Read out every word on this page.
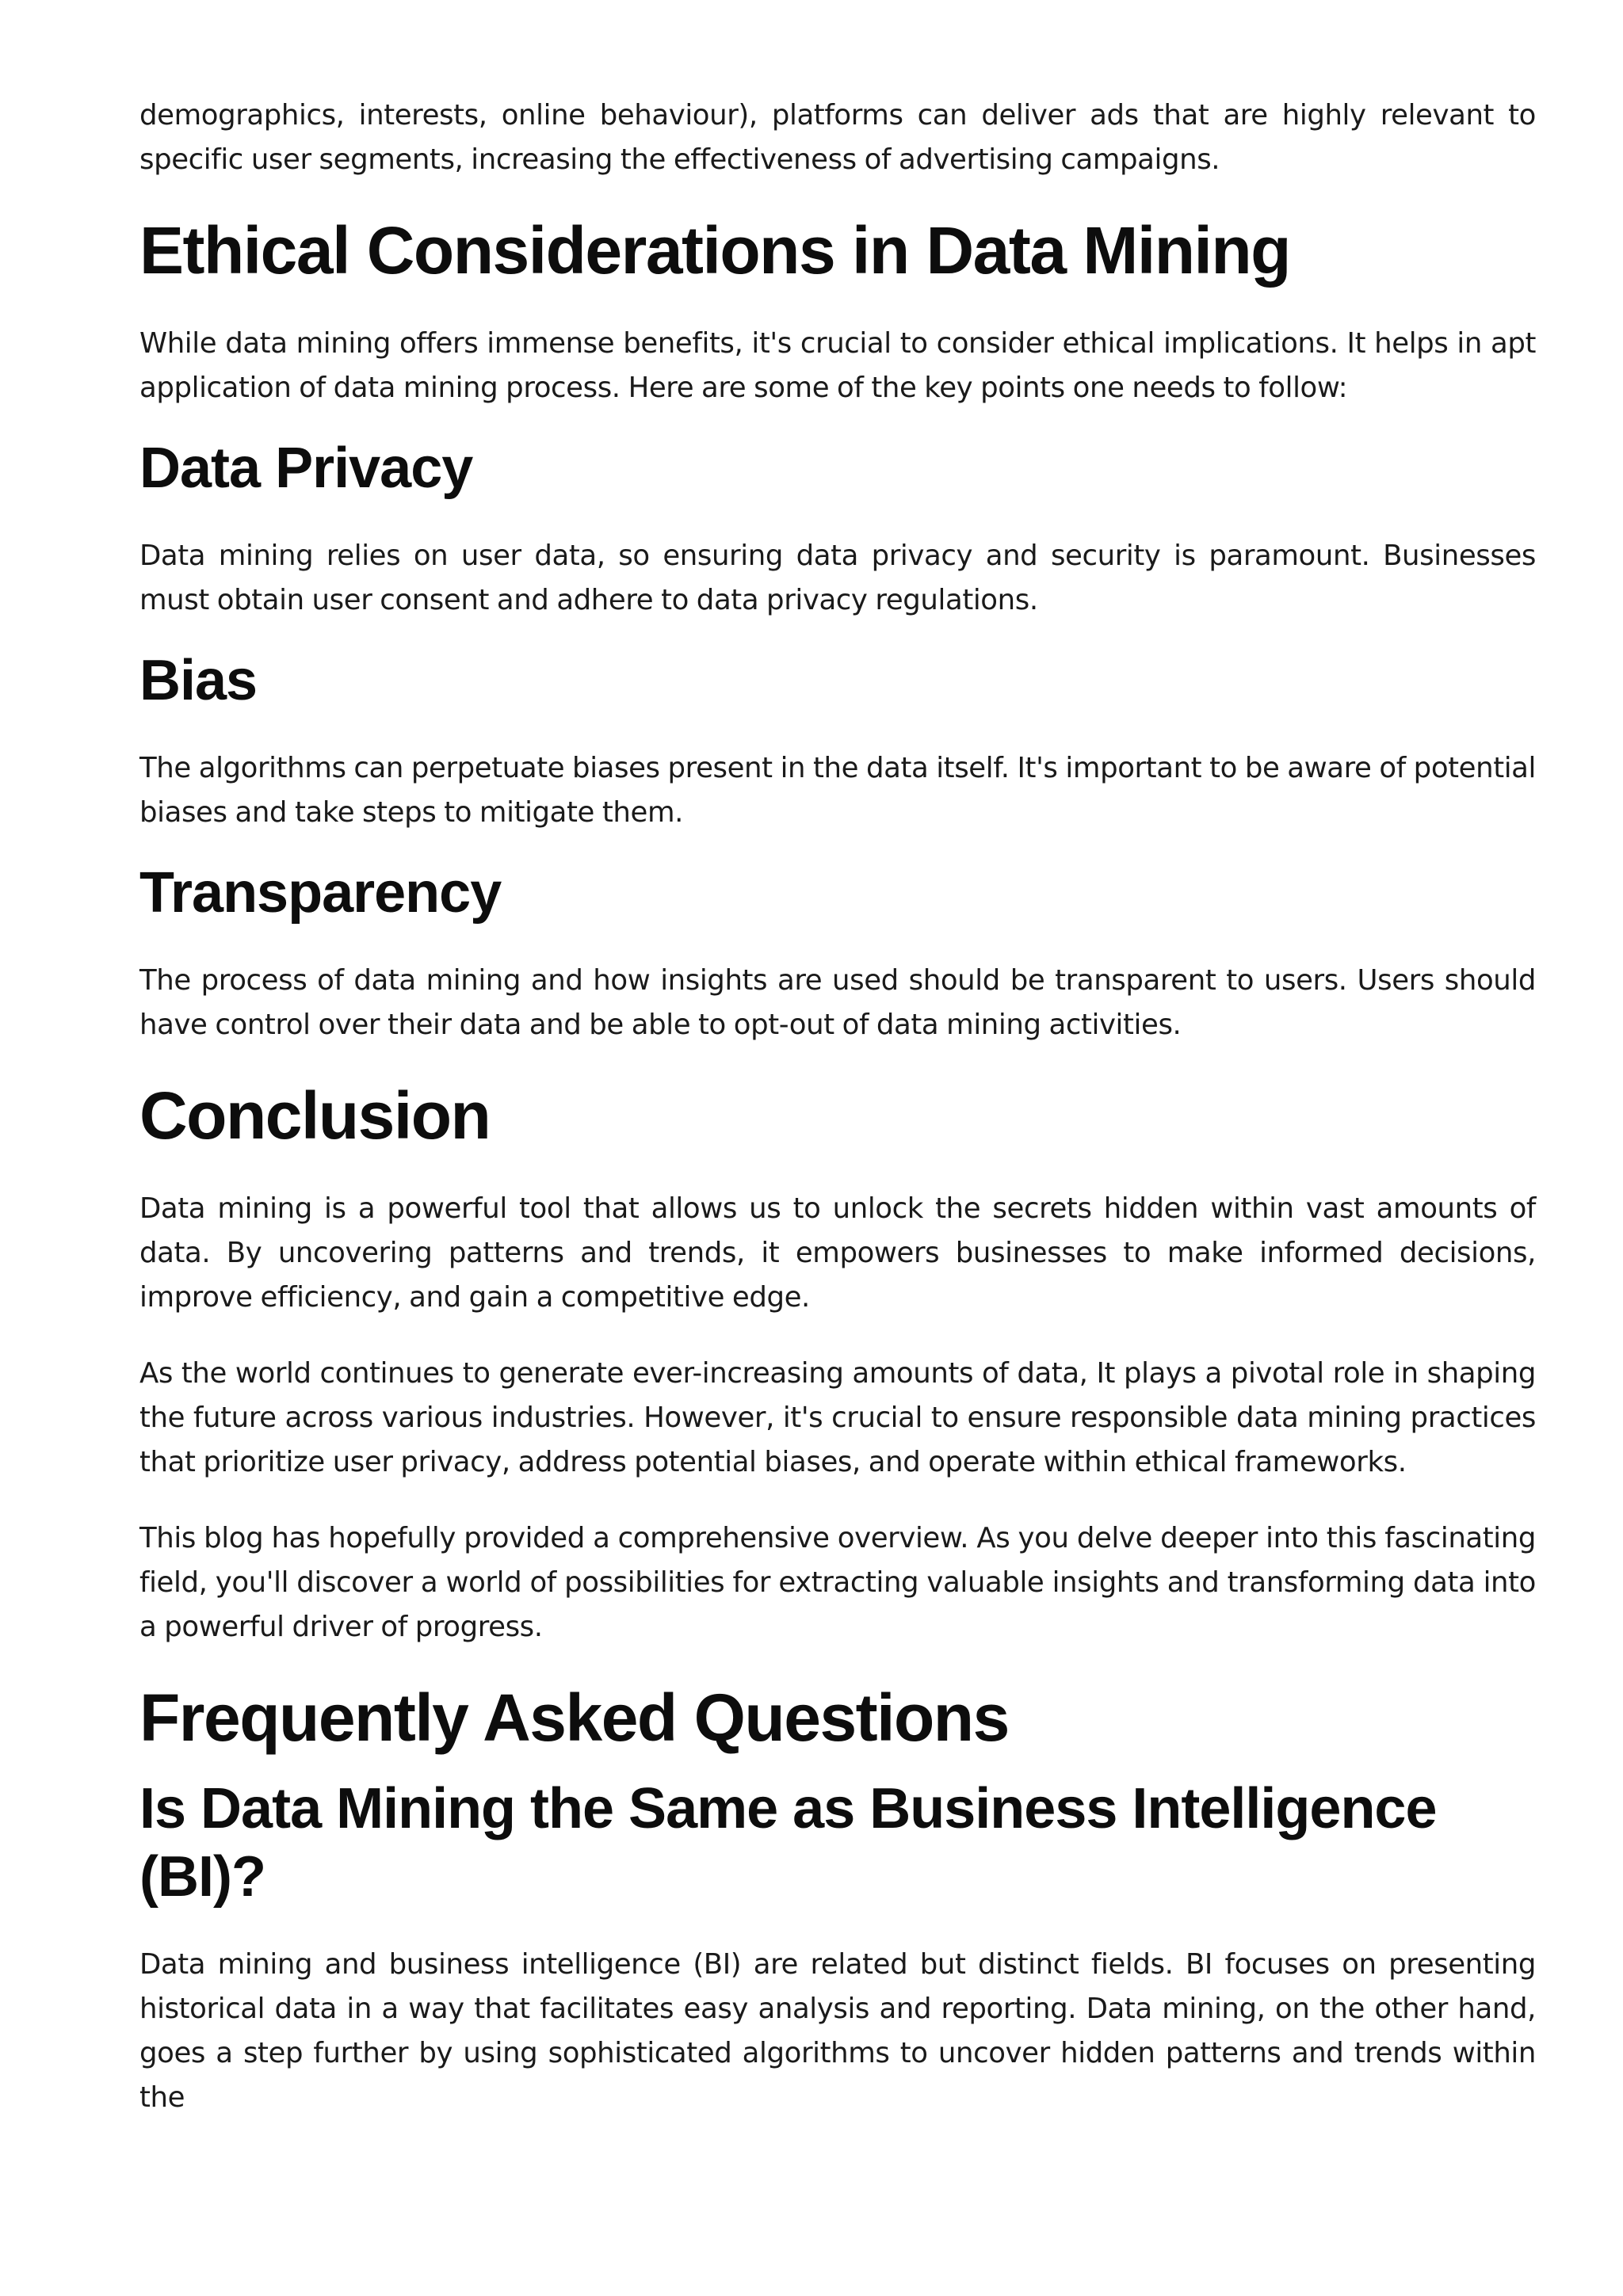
demographics, interests, online behaviour), platforms can deliver ads that are highly relevant to specific user segments, increasing the effectiveness of advertising campaigns.

Ethical Considerations in Data Mining

While data mining offers immense benefits, it's crucial to consider ethical implications. It helps in apt application of data mining process. Here are some of the key points one needs to follow:

Data Privacy

Data mining relies on user data, so ensuring data privacy and security is paramount. Businesses must obtain user consent and adhere to data privacy regulations.

Bias

The algorithms can perpetuate biases present in the data itself. It's important to be aware of potential biases and take steps to mitigate them.

Transparency

The process of data mining and how insights are used should be transparent to users. Users should have control over their data and be able to opt-out of data mining activities.

Conclusion

Data mining is a powerful tool that allows us to unlock the secrets hidden within vast amounts of data. By uncovering patterns and trends, it empowers businesses to make informed decisions, improve efficiency, and gain a competitive edge.

As the world continues to generate ever-increasing amounts of data, It plays a pivotal role in shaping the future across various industries. However, it's crucial to ensure responsible data mining practices that prioritize user privacy, address potential biases, and operate within ethical frameworks.

This blog has hopefully provided a comprehensive overview. As you delve deeper into this fascinating field, you'll discover a world of possibilities for extracting valuable insights and transforming data into a powerful driver of progress.

Frequently Asked Questions
Is Data Mining the Same as Business Intelligence (BI)?

Data mining and business intelligence (BI) are related but distinct fields. BI focuses on presenting historical data in a way that facilitates easy analysis and reporting. Data mining, on the other hand, goes a step further by using sophisticated algorithms to uncover hidden patterns and trends within the
